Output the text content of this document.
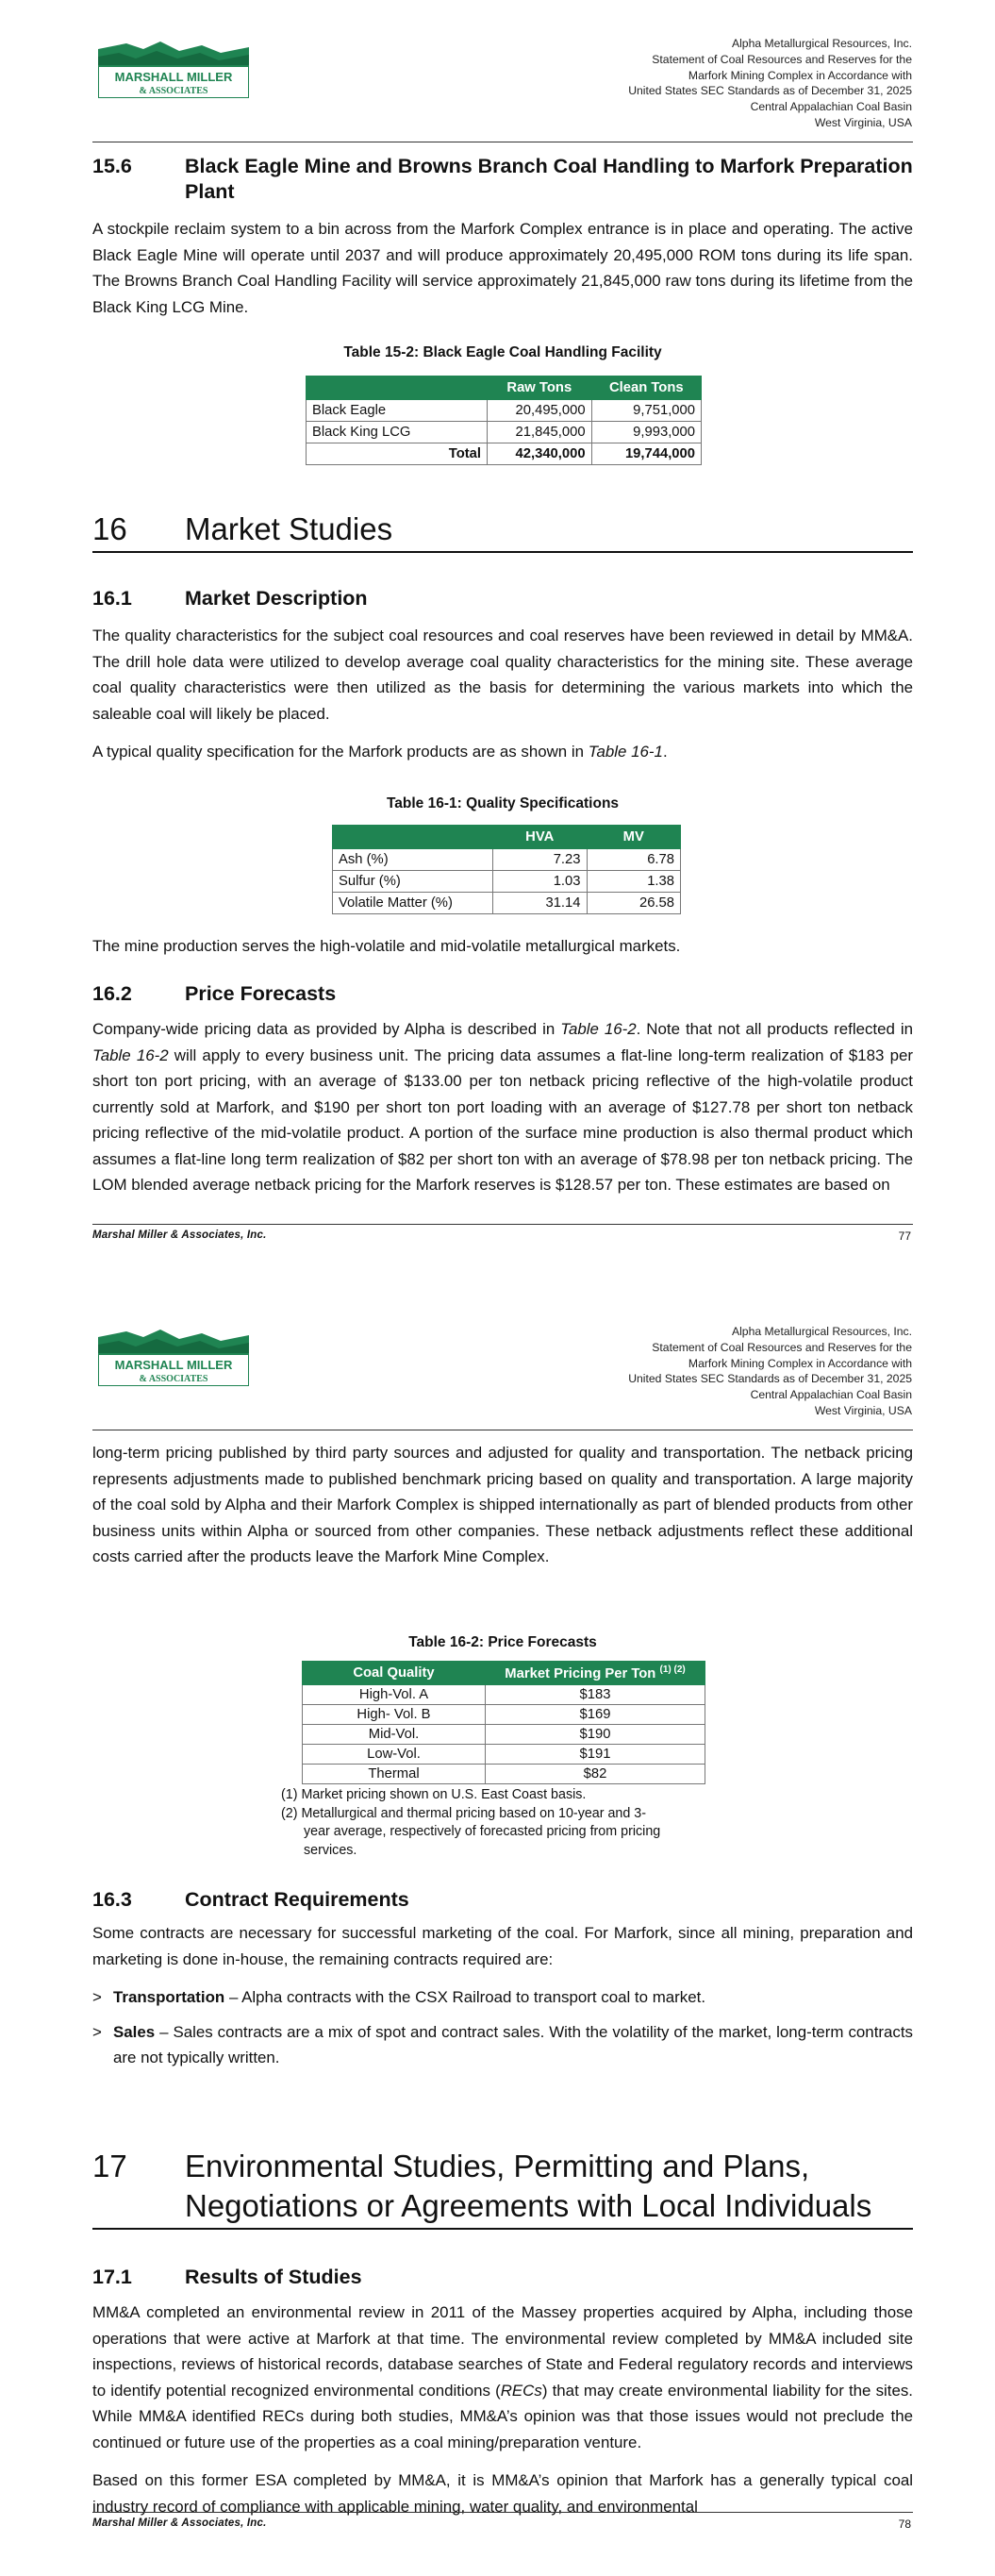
MARSHALL MILLER
& ASSOCIATES
Alpha Metallurgical Resources, Inc.
Statement of Coal Resources and Reserves for the
Marfork Mining Complex in Accordance with
United States SEC Standards as of December 31, 2025
Central Appalachian Coal Basin
West Virginia, USA
15.6	Black Eagle Mine and Browns Branch Coal Handling to Marfork Preparation Plant

A stockpile reclaim system to a bin across from the Marfork Complex entrance is in place and operating. The active Black Eagle Mine will operate until 2037 and will produce approximately 20,495,000 ROM tons during its life span. The Browns Branch Coal Handling Facility will service approximately 21,845,000 raw tons during its lifetime from the Black King LCG Mine.

Table 15-2: Black Eagle Coal Handling Facility
	Raw Tons	Clean Tons
Black Eagle	20,495,000	9,751,000
Black King LCG	21,845,000	9,993,000
Total	42,340,000	19,744,000
16	Market Studies
16.1	Market Description

The quality characteristics for the subject coal resources and coal reserves have been reviewed in detail by MM&A. The drill hole data were utilized to develop average coal quality characteristics for the mining site. These average coal quality characteristics were then utilized as the basis for determining the various markets into which the saleable coal will likely be placed.

A typical quality specification for the Marfork products are as shown in Table 16-1.

Table 16-1: Quality Specifications
	HVA	MV
Ash (%)	7.23	6.78
Sulfur (%)	1.03	1.38
Volatile Matter (%)	31.14	26.58

The mine production serves the high-volatile and mid-volatile metallurgical markets.

16.2	Price Forecasts

Company-wide pricing data as provided by Alpha is described in Table 16-2. Note that not all products reflected in Table 16-2 will apply to every business unit. The pricing data assumes a flat-line long-term realization of $183 per short ton port pricing, with an average of $133.00 per ton netback pricing reflective of the high-volatile product currently sold at Marfork, and $190 per short ton port loading with an average of $127.78 per short ton netback pricing reflective of the mid-volatile product. A portion of the surface mine production is also thermal product which assumes a flat-line long term realization of $82 per short ton with an average of $78.98 per ton netback pricing. The LOM blended average netback pricing for the Marfork reserves is $128.57 per ton. These estimates are based on

Marshal Miller & Associates, Inc.	77
MARSHALL MILLER
& ASSOCIATES
Alpha Metallurgical Resources, Inc.
Statement of Coal Resources and Reserves for the
Marfork Mining Complex in Accordance with
United States SEC Standards as of December 31, 2025
Central Appalachian Coal Basin
West Virginia, USA

long-term pricing published by third party sources and adjusted for quality and transportation. The netback pricing represents adjustments made to published benchmark pricing based on quality and transportation. A large majority of the coal sold by Alpha and their Marfork Complex is shipped internationally as part of blended products from other business units within Alpha or sourced from other companies. These netback adjustments reflect these additional costs carried after the products leave the Marfork Mine Complex.

Table 16-2: Price Forecasts
Coal Quality	Market Pricing Per Ton $^{(1) (2)}$
High-Vol. A	$183
High- Vol. B	$169
Mid-Vol.	$190
Low-Vol.	$191
Thermal	$82
(1) Market pricing shown on U.S. East Coast basis.
(2) Metallurgical and thermal pricing based on 10-year and 3-
year average, respectively of forecasted pricing from pricing
services.
16.3	Contract Requirements

Some contracts are necessary for successful marketing of the coal. For Marfork, since all mining, preparation and marketing is done in-house, the remaining contracts required are:

> Transportation – Alpha contracts with the CSX Railroad to transport coal to market.
> Sales – Sales contracts are a mix of spot and contract sales. With the volatility of the market, long-term contracts are not typically written.
17	Environmental Studies, Permitting and Plans,
Negotiations or Agreements with Local Individuals
17.1	Results of Studies

MM&A completed an environmental review in 2011 of the Massey properties acquired by Alpha, including those operations that were active at Marfork at that time. The environmental review completed by MM&A included site inspections, reviews of historical records, database searches of State and Federal regulatory records and interviews to identify potential recognized environmental conditions (RECs) that may create environmental liability for the sites. While MM&A identified RECs during both studies, MM&A’s opinion was that those issues would not preclude the continued or future use of the properties as a coal mining/preparation venture.

Based on this former ESA completed by MM&A, it is MM&A’s opinion that Marfork has a generally typical coal industry record of compliance with applicable mining, water quality, and environmental

Marshal Miller & Associates, Inc.	78
